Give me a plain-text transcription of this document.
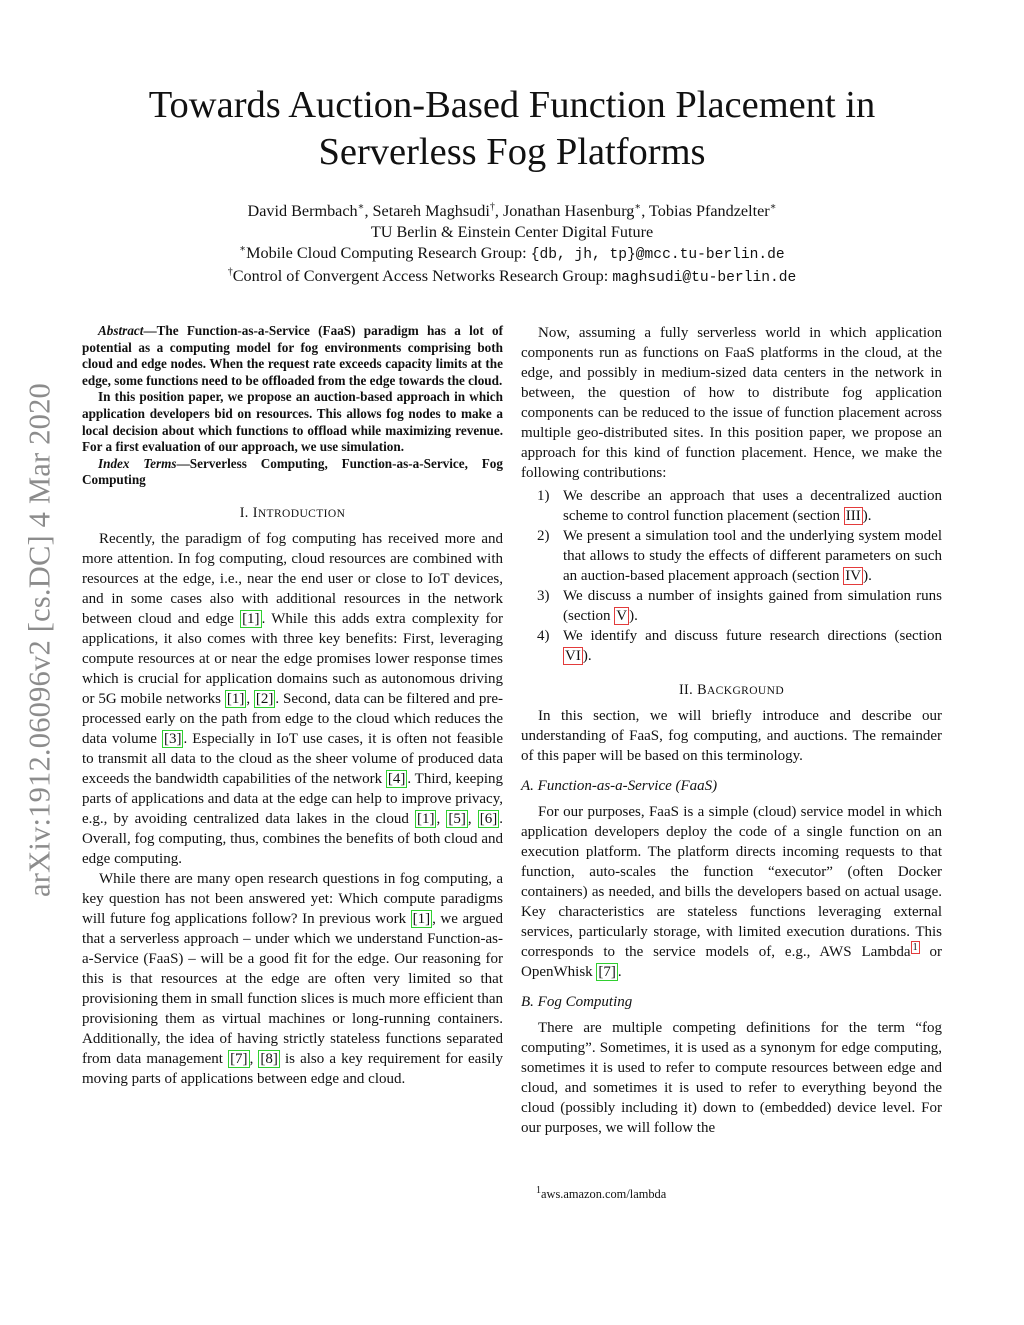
arXiv:1912.06096v2 [cs.DC] 4 Mar 2020
Towards Auction-Based Function Placement in
Serverless Fog Platforms
David Bermbach∗, Setareh Maghsudi†, Jonathan Hasenburg∗, Tobias Pfandzelter∗
TU Berlin & Einstein Center Digital Future
∗Mobile Cloud Computing Research Group: {db, jh, tp}@mcc.tu-berlin.de
†Control of Convergent Access Networks Research Group: maghsudi@tu-berlin.de

Abstract—The Function-as-a-Service (FaaS) paradigm has a lot of potential as a computing model for fog environments comprising both cloud and edge nodes. When the request rate exceeds capacity limits at the edge, some functions need to be offloaded from the edge towards the cloud.

In this position paper, we propose an auction-based approach in which application developers bid on resources. This allows fog nodes to make a local decision about which functions to offload while maximizing revenue. For a first evaluation of our approach, we use simulation.

Index Terms—Serverless Computing, Function-as-a-Service, Fog Computing

I. INTRODUCTION

Recently, the paradigm of fog computing has received more and more attention. In fog computing, cloud resources are combined with resources at the edge, i.e., near the end user or close to IoT devices, and in some cases also with additional resources in the network between cloud and edge [1] . While this adds extra complexity for applications, it also comes with three key benefits: First, leveraging compute resources at or near the edge promises lower response times which is crucial for application domains such as autonomous driving or 5G mobile networks [1] , [2] . Second, data can be filtered and pre-processed early on the path from edge to the cloud which reduces the data volume [3] . Especially in IoT use cases, it is often not feasible to transmit all data to the cloud as the sheer volume of produced data exceeds the bandwidth capabilities of the network [4] . Third, keeping parts of applications and data at the edge can help to improve privacy, e.g., by avoiding centralized data lakes in the cloud [1] , [5] , [6] . Overall, fog computing, thus, combines the benefits of both cloud and edge computing.

While there are many open research questions in fog computing, a key question has not been answered yet: Which compute paradigms will future fog applications follow? In previous work [1] , we argued that a serverless approach – under which we understand Function-as-a-Service (FaaS) – will be a good fit for the edge. Our reasoning for this is that resources at the edge are often very limited so that provisioning them in small function slices is much more efficient than provisioning them as virtual machines or long-running containers. Additionally, the idea of having strictly stateless functions separated from data management [7] , [8] is also a key requirement for easily moving parts of applications between edge and cloud.

Now, assuming a fully serverless world in which application components run as functions on FaaS platforms in the cloud, at the edge, and possibly in medium-sized data centers in the network in between, the question of how to distribute fog application components can be reduced to the issue of function placement across multiple geo-distributed sites. In this position paper, we propose an approach for this kind of function placement. Hence, we make the following contributions:

1) We describe an approach that uses a decentralized auction scheme to control function placement (section III ).
2) We present a simulation tool and the underlying system model that allows to study the effects of different parameters on such an auction-based placement approach (section IV ).
3) We discuss a number of insights gained from simulation runs (section V ).
4) We identify and discuss future research directions (section VI ).
II. BACKGROUND

In this section, we will briefly introduce and describe our understanding of FaaS, fog computing, and auctions. The remainder of this paper will be based on this terminology.

A. Function-as-a-Service (FaaS)

For our purposes, FaaS is a simple (cloud) service model in which application developers deploy the code of a single function on an execution platform. The platform directs incoming requests to that function, auto-scales the function “executor” (often Docker containers) as needed, and bills the developers based on actual usage. Key characteristics are stateless functions leveraging external services, particularly storage, with limited execution durations. This corresponds to the service models of, e.g., AWS Lambda $^1$ or OpenWhisk [7] .

B. Fog Computing

There are multiple competing definitions for the term “fog computing”. Sometimes, it is used as a synonym for edge computing, sometimes it is used to refer to compute resources between edge and cloud, and sometimes it is used to refer to everything beyond the cloud (possibly including it) down to (embedded) device level. For our purposes, we will follow the

$^1$aws.amazon.com/lambda
